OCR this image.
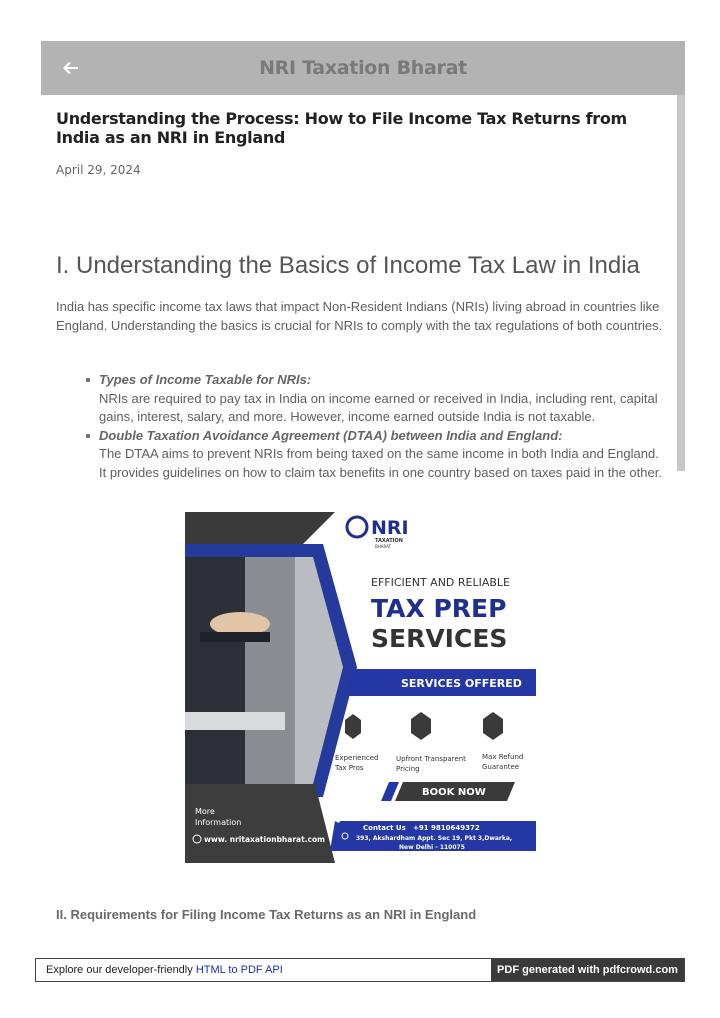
NRI Taxation Bharat
Understanding the Process: How to File Income Tax Returns from India as an NRI in England
April 29, 2024
I. Understanding the Basics of Income Tax Law in India

India has specific income tax laws that impact Non-Resident Indians (NRIs) living abroad in countries like England. Understanding the basics is crucial for NRIs to comply with the tax regulations of both countries.

Types of Income Taxable for NRIs:
NRIs are required to pay tax in India on income earned or received in India, including rent, capital gains, interest, salary, and more. However, income earned outside India is not taxable.
Double Taxation Avoidance Agreement (DTAA) between India and England:
The DTAA aims to prevent NRIs from being taxed on the same income in both India and England. It provides guidelines on how to claim tax benefits in one country based on taxes paid in the other.
More
Information
www. nritaxationbharat.com
NRI
TAXATION
BHARAT
EFFICIENT AND RELIABLE
TAX PREP
SERVICES
SERVICES OFFERED
Experienced
Tax Pros
Upfront Transparent
Pricing
Max Refund
Guarantee
BOOK NOW
Contact Us +91 9810649372
393, Akshardham Appt. Sec 19, Pkt 3,Dwarka,
New Delhi - 110075
II. Requirements for Filing Income Tax Returns as an NRI in England
Explore our developer-friendly HTML to PDF API	PDF generated with pdfcrowd.com
